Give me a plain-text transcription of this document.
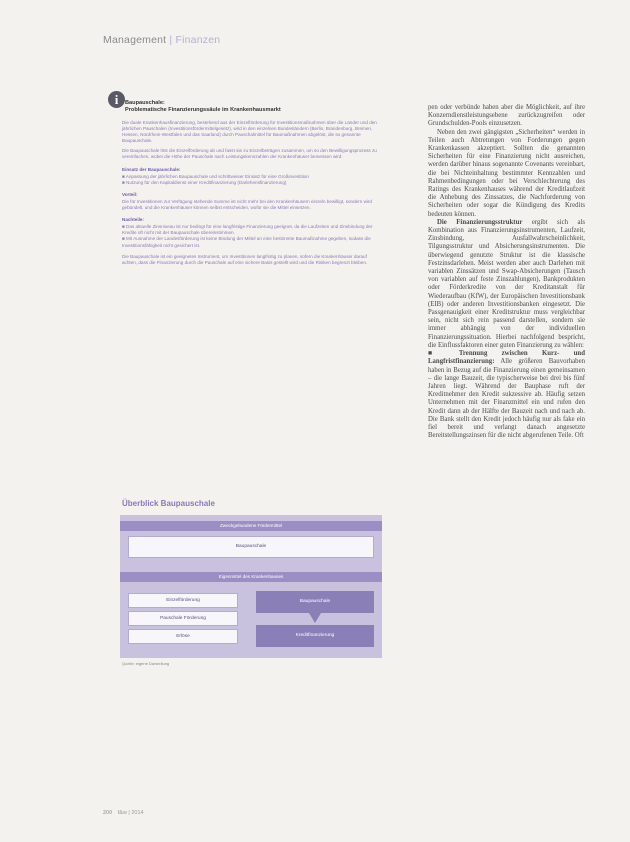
Management | Finanzen
i	Baupauschale:
Problematische Finanzierungssäule im Krankenhausmarkt

Die duale Krankenhausfinanzierung, bestehend aus der Einzelförderung für Investitionsmaßnahmen über die Länder und den jährlichen Pauschalen (Investitionsfördermittelgesetz), wird in den einzelnen Bundesländern (Berlin, Brandenburg, Bremen, Hessen, Nordrhein-Westfalen und das Saarland) durch Pauschalmittel für Baumaßnahmen abgelöst, die so genannte Baupauschale.

Die Baupauschale löst die Einzelförderung ab und fasst sie zu Einzelbeträgen zusammen, um so den Bewilligungsprozess zu vereinfachen, wobei die Höhe der Pauschale nach Leistungskennzahlen der Krankenhäuser bemessen wird.

Einsatz der Baupauschale:

■ Anpassung der jährlichen Baupauschale und schrittweiser Einsatz für eine Großinvestition

■ Nutzung für den Kapitaldienst einer Kreditfinanzierung (Darlehensfinanzierung)

Vorteil:

Die für Investitionen zur Verfügung stehende Summe ist nicht mehr bei den Krankenhäusern einzeln bewilligt, sondern wird gebündelt, und die Krankenhäuser können selbst entscheiden, wofür sie die Mittel einsetzen.

Nachteile:

■ Das aktuelle Zinsniveau ist nur bedingt für eine langfristige Finanzierung geeignet, da die Laufzeiten und Zinsbindung der Kredite oft nicht mit der Baupauschale übereinstimmen.

■ Mit Ausnahme der Landesförderung ist keine Bindung der Mittel an eine bestimmte Baumaßnahme gegeben, sodass die Investitionsfähigkeit nicht gesichert ist.

Die Baupauschale ist ein geeignetes Instrument, um Investitionen langfristig zu planen, sofern die Krankenhäuser darauf achten, dass die Finanzierung durch die Pauschale auf eine sichere Basis gestellt wird und die Risiken begrenzt bleiben.

Überblick Baupauschale
Zweckgebundene Fördermittel
Baupauschale
Eigenmittel des Krankenhauses
Einzelförderung
Pauschale Förderung
Erlöse
Baupauschale
Kreditfinanzierung
Quelle: eigene Darstellung

pen oder verbünde haben aber die Möglichkeit, auf ihre Konzerndienstleistungsebene zurückzugreifen oder Grundschulden-Pools einzusetzen.

Neben den zwei gängigsten „Sicherheiten“ werden in Teilen auch Abtretungen von Forderungen gegen Krankenkassen akzeptiert. Sollten die genannten Sicherheiten für eine Finanzierung nicht ausreichen, werden darüber hinaus sogenannte Covenants vereinbart, die bei Nichteinhaltung bestimmter Kennzahlen und Rahmenbedingungen oder bei Verschlechterung des Ratings des Krankenhauses während der Kreditlaufzeit die Anhebung des Zinssatzes, die Nachforderung von Sicherheiten oder sogar die Kündigung des Kredits bedeuten können.

Die Finanzierungsstruktur ergibt sich als Kombination aus Finanzierungsinstrumenten, Laufzeit, Zinsbindung, Ausfallwahrscheinlichkeit, Tilgungsstruktur und Absicherungsinstrumenten. Die überwiegend genutzte Struktur ist die klassische Festzinsdarlehen. Meist werden aber auch Darlehen mit variablen Zinssätzen und Swap-Absicherungen (Tausch von variablen auf feste Zinszahlungen), Bankprodukten oder Förderkredite von der Kreditanstalt für Wiederaufbau (KfW), der Europäischen Investitionsbank (EIB) oder anderen Investitionsbanken eingesetzt. Die Passgenauigkeit einer Kreditstruktur muss vergleichbar sein, nicht sich rein passend darstellen, sondern sie immer abhängig von der individuellen Finanzierungssituation. Hierbei nachfolgend bespricht, die Einflussfaktoren einer guten Finanzierung zu wählen:

■ Trennung zwischen Kurz- und Langfristfinanzierung: Alle größeren Bauvorhaben haben in Bezug auf die Finanzierung einen gemeinsamen – die lange Bauzeit, die typischerweise bei drei bis fünf Jahren liegt. Während der Bauphase ruft der Kreditnehmer den Kredit sukzessive ab. Häufig setzen Unternehmen mit der Finanzmittel ein und rufen den Kredit dann ab der Hälfte der Bauzeit nach und nach ab. Die Bank stellt den Kredit jedoch häufig nur als fake ein fiel bereit und verlangt danach angesetzte Bereitstellungszinsen für die nicht abgerufenen Teile. Oft

200 f&w | 2014
